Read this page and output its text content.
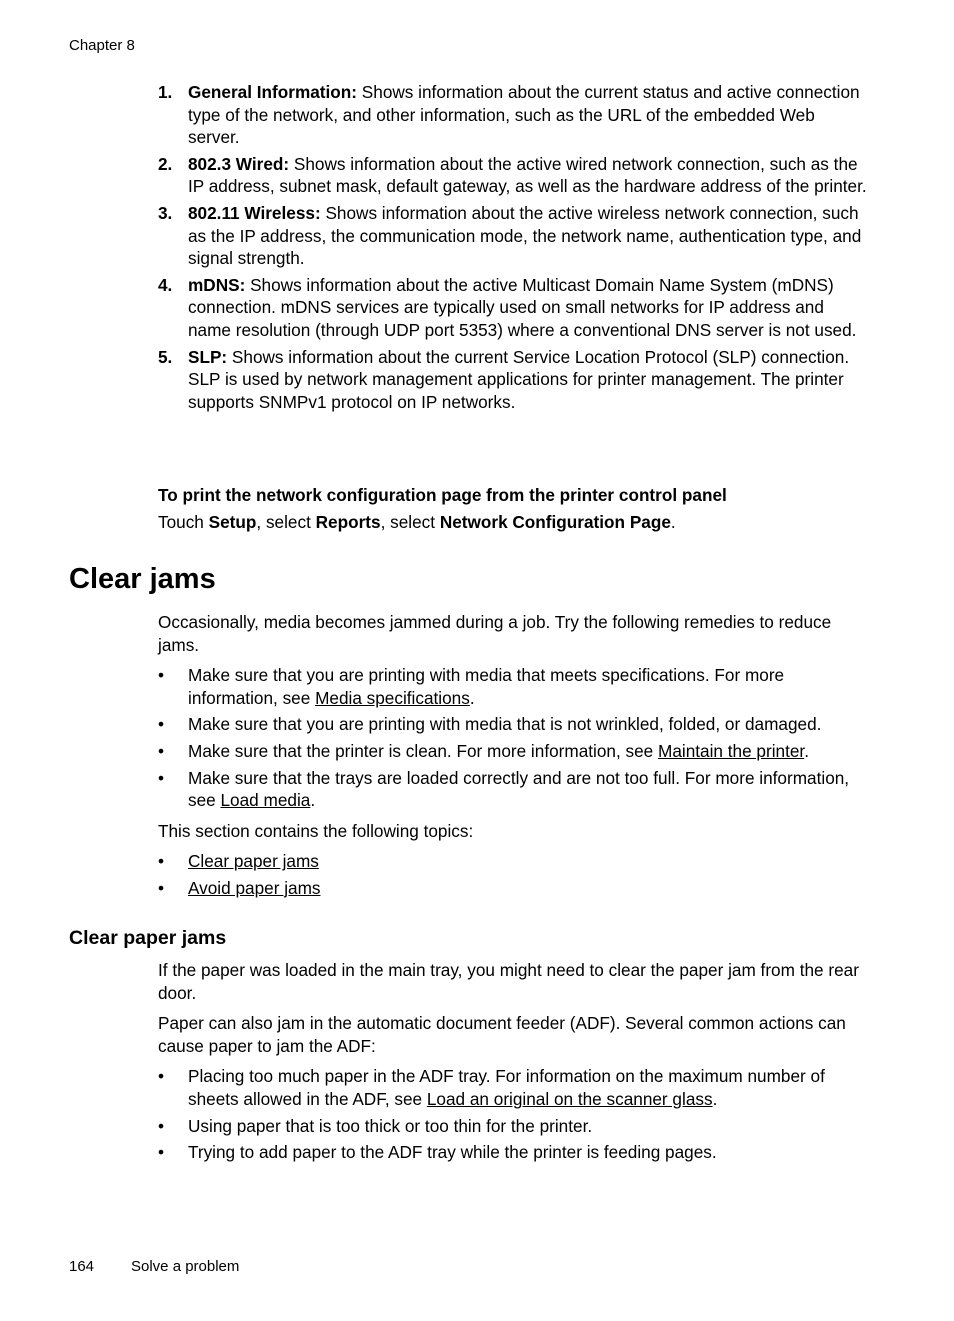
Chapter 8
1. General Information: Shows information about the current status and active connection type of the network, and other information, such as the URL of the embedded Web server.
2. 802.3 Wired: Shows information about the active wired network connection, such as the IP address, subnet mask, default gateway, as well as the hardware address of the printer.
3. 802.11 Wireless: Shows information about the active wireless network connection, such as the IP address, the communication mode, the network name, authentication type, and signal strength.
4. mDNS: Shows information about the active Multicast Domain Name System (mDNS) connection. mDNS services are typically used on small networks for IP address and name resolution (through UDP port 5353) where a conventional DNS server is not used.
5. SLP: Shows information about the current Service Location Protocol (SLP) connection. SLP is used by network management applications for printer management. The printer supports SNMPv1 protocol on IP networks.
To print the network configuration page from the printer control panel
Touch Setup, select Reports, select Network Configuration Page.
Clear jams

Occasionally, media becomes jammed during a job. Try the following remedies to reduce jams.

• Make sure that you are printing with media that meets specifications. For more information, see Media specifications.
• Make sure that you are printing with media that is not wrinkled, folded, or damaged.
• Make sure that the printer is clean. For more information, see Maintain the printer.
• Make sure that the trays are loaded correctly and are not too full. For more information, see Load media.

This section contains the following topics:

• Clear paper jams
• Avoid paper jams
Clear paper jams

If the paper was loaded in the main tray, you might need to clear the paper jam from the rear door.

Paper can also jam in the automatic document feeder (ADF). Several common actions can cause paper to jam the ADF:

• Placing too much paper in the ADF tray. For information on the maximum number of sheets allowed in the ADF, see Load an original on the scanner glass.
• Using paper that is too thick or too thin for the printer.
• Trying to add paper to the ADF tray while the printer is feeding pages.
164 Solve a problem
